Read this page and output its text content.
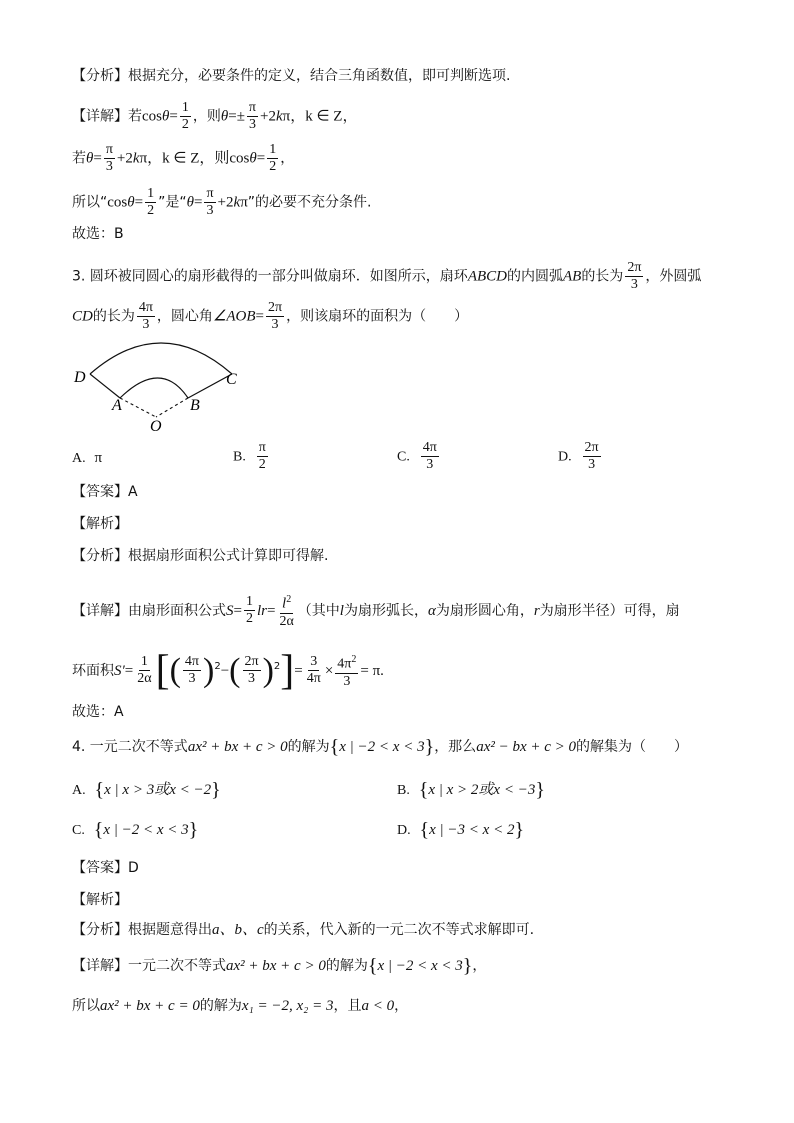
【分析】根据充分，必要条件的定义，结合三角函数值，即可判断选项.
【详解】若$\cos\theta= \frac{1}{2}$ ，则$\theta=\pm \frac{\pi}{3} +2k\pi$，k ∈ Z，
若$\theta= \frac{\pi}{3} +2k\pi$，k ∈ Z，则$\cos\theta= \frac{1}{2}$ ，
所以“$\cos\theta= \frac{1}{2}$ ”是“$\theta= \frac{\pi}{3} +2k\pi$”的必要不充分条件.
故选：B
3. 圆环被同圆心的扇形截得的一部分叫做扇环．如图所示，扇环ABCD的内圆弧AB的长为 $\frac{2\pi}{3}$ ，外圆弧
CD的长为 $\frac{4\pi}{3}$ ，圆心角∠AOB= $\frac{2\pi}{3}$ ，则该扇环的面积为（　　）
D	C
A	B
O
A. π	B. $\frac{\pi}{2}$	C. $\frac{4\pi}{3}$	D. $\frac{2\pi}{3}$
【答案】A
【解析】
【分析】根据扇形面积公式计算即可得解.
【详解】由扇形面积公式$S= \frac{1}{2} lr= \frac{l^2}{2\alpha}$ （其中l为扇形弧长，α为扇形圆心角，r为扇形半径）可得，扇
环面积$S'= \frac{1}{2\alpha}$ [( $\frac{4\pi}{3} )^2-( \frac{2\pi}{3} )^2]= \frac{3}{4\pi} \times \frac{4\pi^2}{3} = \pi$.
故选：A
4. 一元二次不等式ax² + bx + c > 0的解为{x | −2 < x < 3}，那么ax² − bx + c > 0的解集为（　　）
A. {x | x > 3或x < −2}	B. {x | x > 2或x < −3}
C. {x | −2 < x < 3}	D. {x | −3 < x < 2}
【答案】D
【解析】
【分析】根据题意得出a、b、c的关系，代入新的一元二次不等式求解即可.
【详解】一元二次不等式ax² + bx + c > 0的解为{x | −2 < x < 3}，
所以ax² + bx + c = 0的解为x₁ = −2, x₂ = 3，且a < 0，
